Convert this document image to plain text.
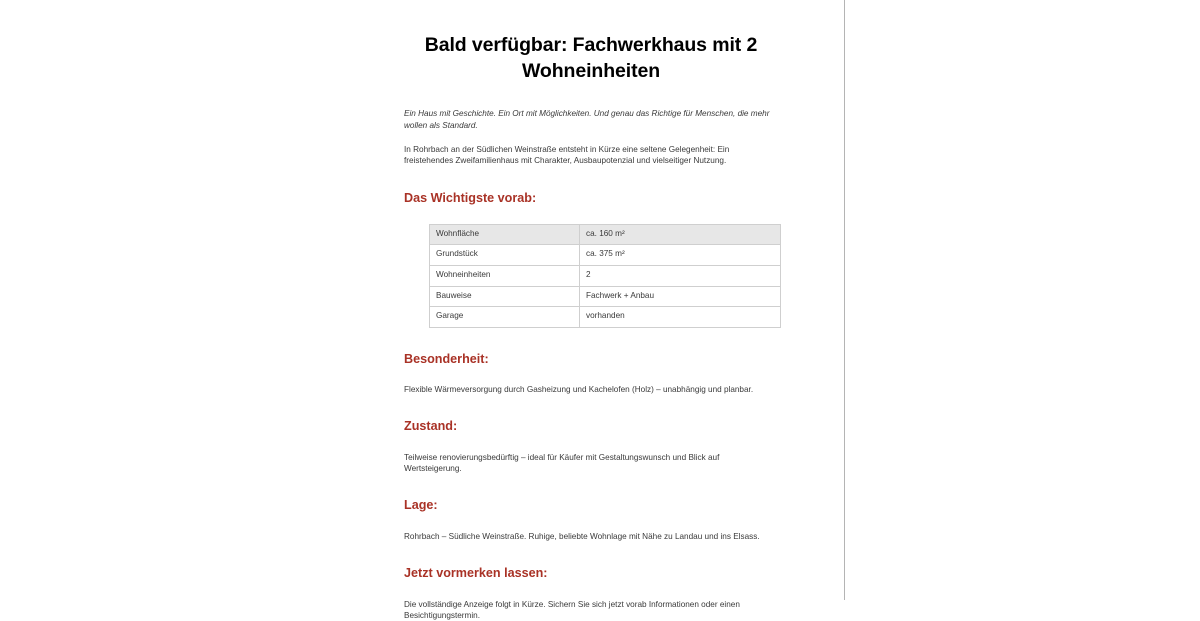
Bald verfügbar: Fachwerkhaus mit 2 Wohneinheiten

Ein Haus mit Geschichte. Ein Ort mit Möglichkeiten. Und genau das Richtige für Menschen, die mehr wollen als Standard.

In Rohrbach an der Südlichen Weinstraße entsteht in Kürze eine seltene Gelegenheit: Ein freistehendes Zweifamilienhaus mit Charakter, Ausbaupotenzial und vielseitiger Nutzung.

Das Wichtigste vorab:
Wohnfläche	ca. 160 m²
Grundstück	ca. 375 m²
Wohneinheiten	2
Bauweise	Fachwerk + Anbau
Garage	vorhanden
Besonderheit:

Flexible Wärmeversorgung durch Gasheizung und Kachelofen (Holz) – unabhängig und planbar.

Zustand:

Teilweise renovierungsbedürftig – ideal für Käufer mit Gestaltungswunsch und Blick auf Wertsteigerung.

Lage:

Rohrbach – Südliche Weinstraße. Ruhige, beliebte Wohnlage mit Nähe zu Landau und ins Elsass.

Jetzt vormerken lassen:

Die vollständige Anzeige folgt in Kürze. Sichern Sie sich jetzt vorab Informationen oder einen Besichtigungstermin.
